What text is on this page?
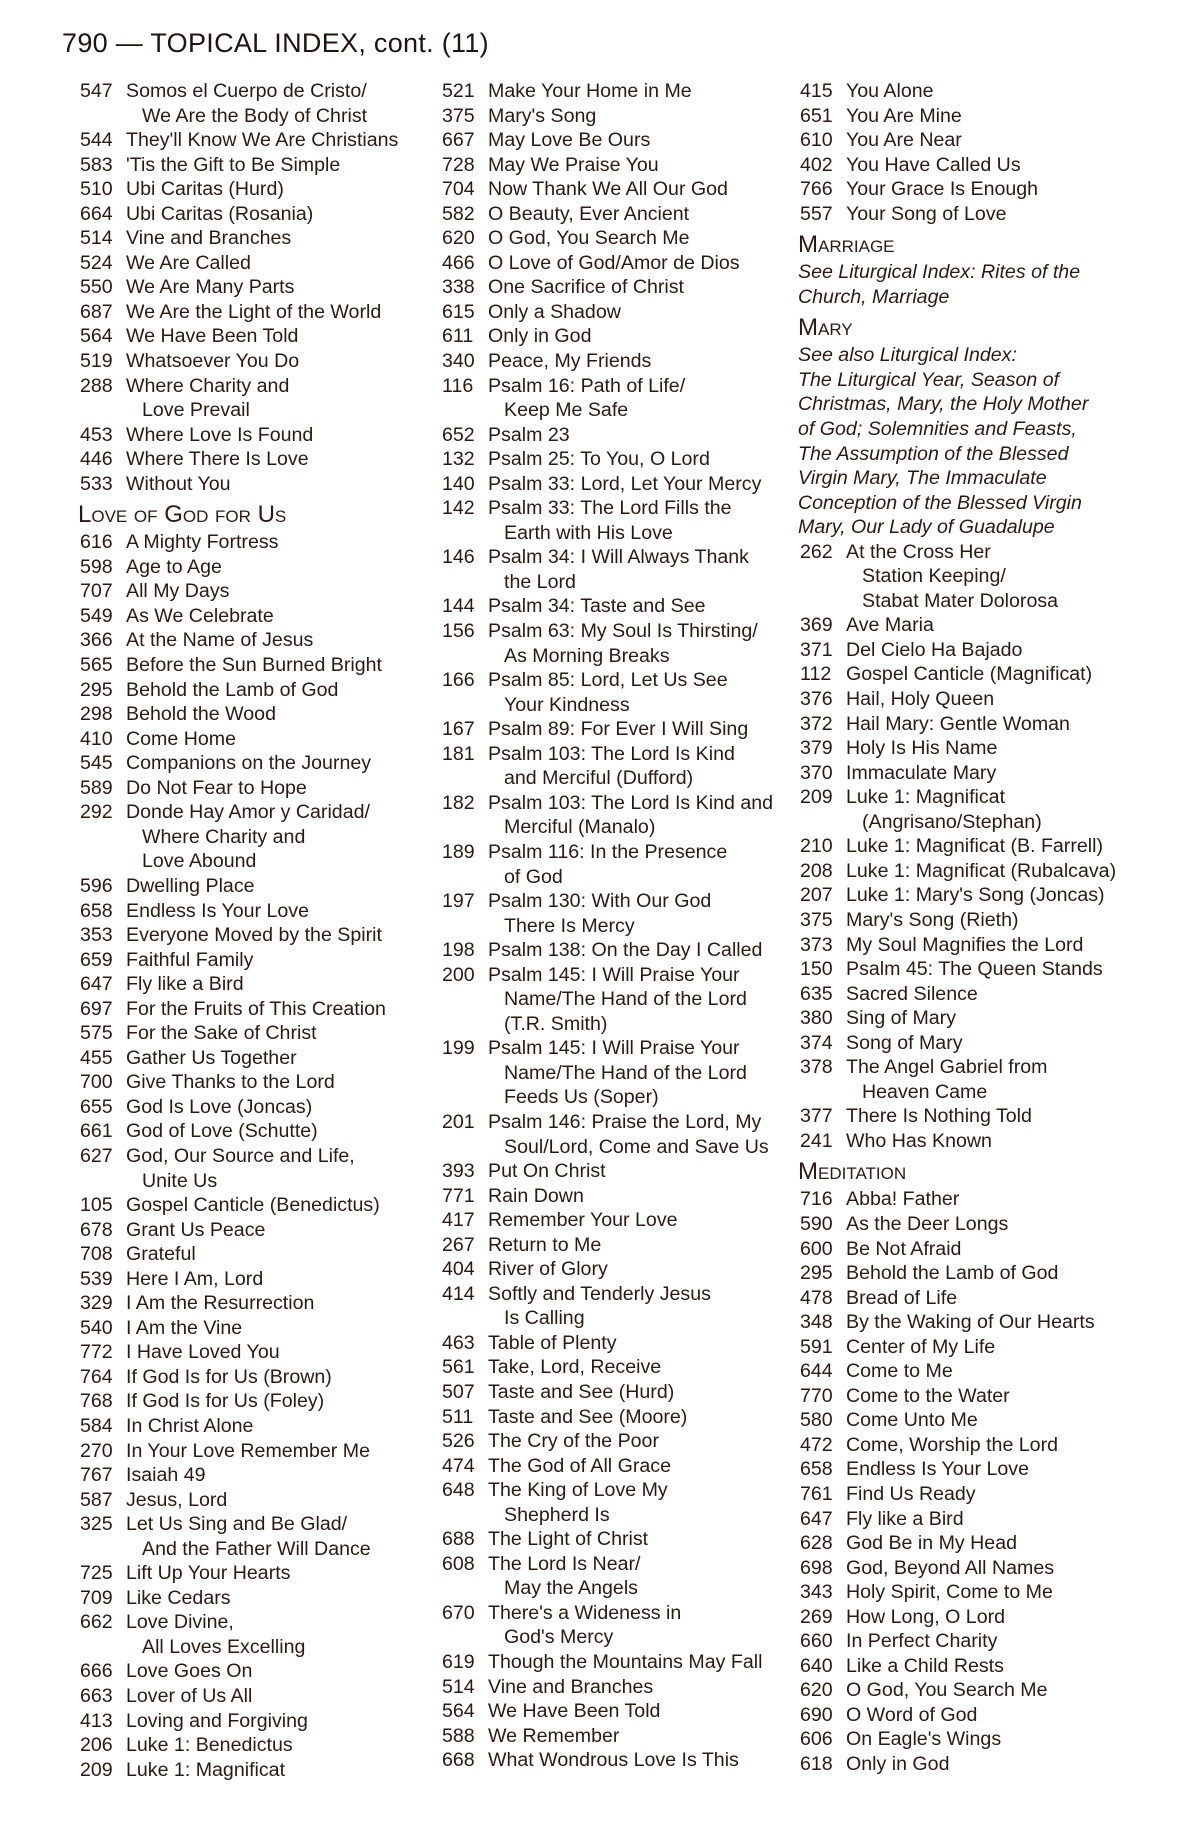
790 — TOPICAL INDEX, cont. (11)
547 Somos el Cuerpo de Cristo/
We Are the Body of Christ
544 They'll Know We Are Christians
583 'Tis the Gift to Be Simple
510 Ubi Caritas (Hurd)
664 Ubi Caritas (Rosania)
514 Vine and Branches
524 We Are Called
550 We Are Many Parts
687 We Are the Light of the World
564 We Have Been Told
519 Whatsoever You Do
288 Where Charity and
Love Prevail
453 Where Love Is Found
446 Where There Is Love
533 Without You
Love of God for Us
616 A Mighty Fortress
598 Age to Age
707 All My Days
549 As We Celebrate
366 At the Name of Jesus
565 Before the Sun Burned Bright
295 Behold the Lamb of God
298 Behold the Wood
410 Come Home
545 Companions on the Journey
589 Do Not Fear to Hope
292 Donde Hay Amor y Caridad/
Where Charity and
Love Abound
596 Dwelling Place
658 Endless Is Your Love
353 Everyone Moved by the Spirit
659 Faithful Family
647 Fly like a Bird
697 For the Fruits of This Creation
575 For the Sake of Christ
455 Gather Us Together
700 Give Thanks to the Lord
655 God Is Love (Joncas)
661 God of Love (Schutte)
627 God, Our Source and Life,
Unite Us
105 Gospel Canticle (Benedictus)
678 Grant Us Peace
708 Grateful
539 Here I Am, Lord
329 I Am the Resurrection
540 I Am the Vine
772 I Have Loved You
764 If God Is for Us (Brown)
768 If God Is for Us (Foley)
584 In Christ Alone
270 In Your Love Remember Me
767 Isaiah 49
587 Jesus, Lord
325 Let Us Sing and Be Glad/
And the Father Will Dance
725 Lift Up Your Hearts
709 Like Cedars
662 Love Divine,
All Loves Excelling
666 Love Goes On
663 Lover of Us All
413 Loving and Forgiving
206 Luke 1: Benedictus
209 Luke 1: Magnificat
521 Make Your Home in Me
375 Mary's Song
667 May Love Be Ours
728 May We Praise You
704 Now Thank We All Our God
582 O Beauty, Ever Ancient
620 O God, You Search Me
466 O Love of God/Amor de Dios
338 One Sacrifice of Christ
615 Only a Shadow
611 Only in God
340 Peace, My Friends
116 Psalm 16: Path of Life/
Keep Me Safe
652 Psalm 23
132 Psalm 25: To You, O Lord
140 Psalm 33: Lord, Let Your Mercy
142 Psalm 33: The Lord Fills the
Earth with His Love
146 Psalm 34: I Will Always Thank
the Lord
144 Psalm 34: Taste and See
156 Psalm 63: My Soul Is Thirsting/
As Morning Breaks
166 Psalm 85: Lord, Let Us See
Your Kindness
167 Psalm 89: For Ever I Will Sing
181 Psalm 103: The Lord Is Kind
and Merciful (Dufford)
182 Psalm 103: The Lord Is Kind and
Merciful (Manalo)
189 Psalm 116: In the Presence
of God
197 Psalm 130: With Our God
There Is Mercy
198 Psalm 138: On the Day I Called
200 Psalm 145: I Will Praise Your
Name/The Hand of the Lord
(T.R. Smith)
199 Psalm 145: I Will Praise Your
Name/The Hand of the Lord
Feeds Us (Soper)
201 Psalm 146: Praise the Lord, My
Soul/Lord, Come and Save Us
393 Put On Christ
771 Rain Down
417 Remember Your Love
267 Return to Me
404 River of Glory
414 Softly and Tenderly Jesus
Is Calling
463 Table of Plenty
561 Take, Lord, Receive
507 Taste and See (Hurd)
511 Taste and See (Moore)
526 The Cry of the Poor
474 The God of All Grace
648 The King of Love My
Shepherd Is
688 The Light of Christ
608 The Lord Is Near/
May the Angels
670 There's a Wideness in
God's Mercy
619 Though the Mountains May Fall
514 Vine and Branches
564 We Have Been Told
588 We Remember
668 What Wondrous Love Is This
415 You Alone
651 You Are Mine
610 You Are Near
402 You Have Called Us
766 Your Grace Is Enough
557 Your Song of Love
Marriage
See Liturgical Index: Rites of the
Church, Marriage
Mary
See also Liturgical Index:
The Liturgical Year, Season of
Christmas, Mary, the Holy Mother
of God; Solemnities and Feasts,
The Assumption of the Blessed
Virgin Mary, The Immaculate
Conception of the Blessed Virgin
Mary, Our Lady of Guadalupe
262 At the Cross Her
Station Keeping/
Stabat Mater Dolorosa
369 Ave Maria
371 Del Cielo Ha Bajado
112 Gospel Canticle (Magnificat)
376 Hail, Holy Queen
372 Hail Mary: Gentle Woman
379 Holy Is His Name
370 Immaculate Mary
209 Luke 1: Magnificat
(Angrisano/Stephan)
210 Luke 1: Magnificat (B. Farrell)
208 Luke 1: Magnificat (Rubalcava)
207 Luke 1: Mary's Song (Joncas)
375 Mary's Song (Rieth)
373 My Soul Magnifies the Lord
150 Psalm 45: The Queen Stands
635 Sacred Silence
380 Sing of Mary
374 Song of Mary
378 The Angel Gabriel from
Heaven Came
377 There Is Nothing Told
241 Who Has Known
Meditation
716 Abba! Father
590 As the Deer Longs
600 Be Not Afraid
295 Behold the Lamb of God
478 Bread of Life
348 By the Waking of Our Hearts
591 Center of My Life
644 Come to Me
770 Come to the Water
580 Come Unto Me
472 Come, Worship the Lord
658 Endless Is Your Love
761 Find Us Ready
647 Fly like a Bird
628 God Be in My Head
698 God, Beyond All Names
343 Holy Spirit, Come to Me
269 How Long, O Lord
660 In Perfect Charity
640 Like a Child Rests
620 O God, You Search Me
690 O Word of God
606 On Eagle's Wings
618 Only in God
